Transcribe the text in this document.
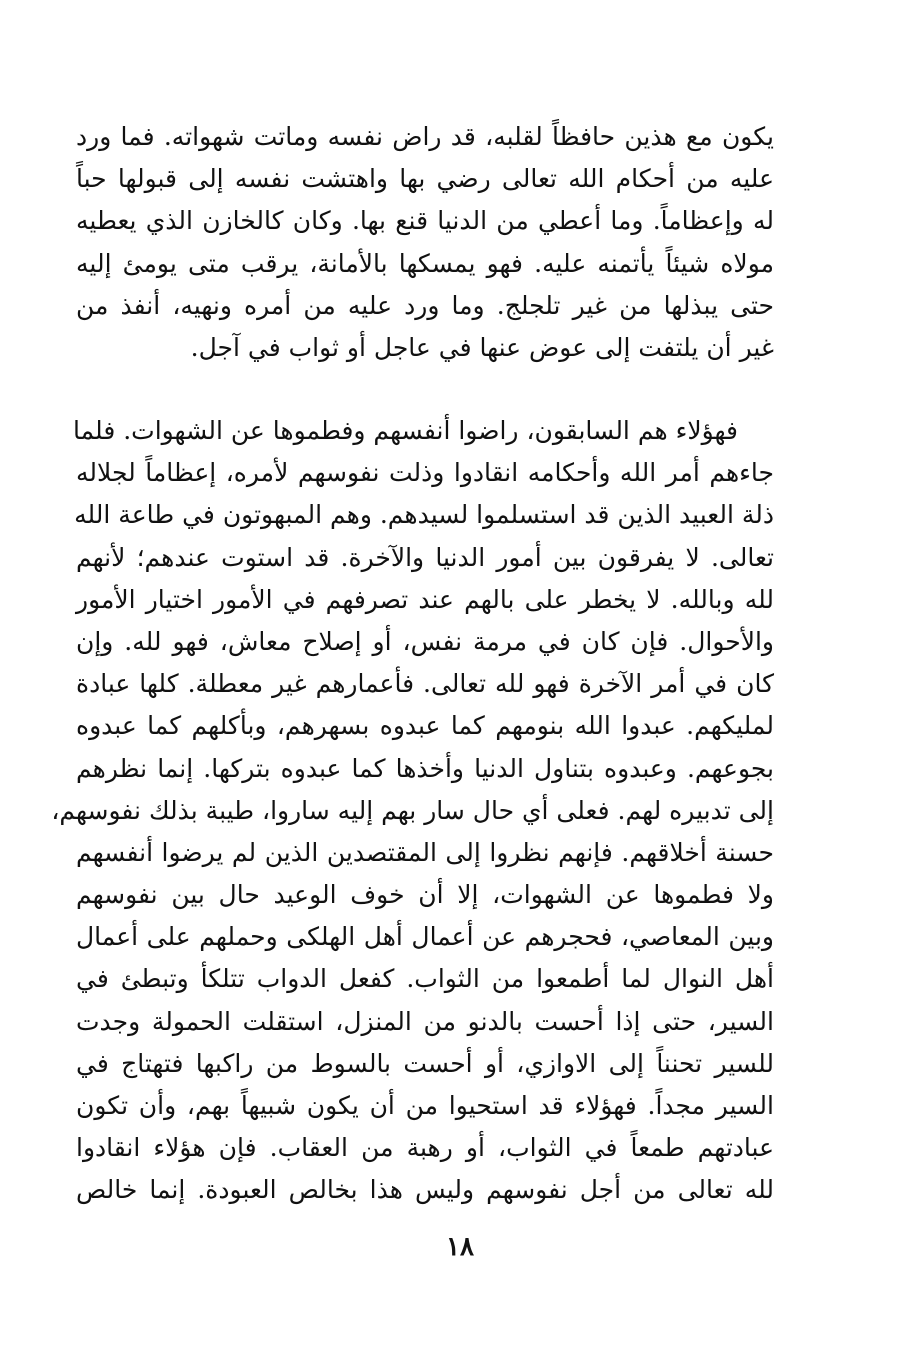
يكون مع هذين حافظاً لقلبه، قد راض نفسه وماتت شهواته. فما ورد
عليه من أحكام الله تعالى رضي بها واهتشت نفسه إلى قبولها حباً
له وإعظاماً. وما أعطي من الدنيا قنع بها. وكان كالخازن الذي يعطيه
مولاه شيئاً يأتمنه عليه. فهو يمسكها بالأمانة، يرقب متى يومئ إليه
حتى يبذلها من غير تلجلج. وما ورد عليه من أمره ونهيه، أنفذ من
غير أن يلتفت إلى عوض عنها في عاجل أو ثواب في آجل.
فهؤلاء هم السابقون، راضوا أنفسهم وفطموها عن الشهوات. فلما
جاءهم أمر الله وأحكامه انقادوا وذلت نفوسهم لأمره، إعظاماً لجلاله
ذلة العبيد الذين قد استسلموا لسيدهم. وهم المبهوتون في طاعة الله
تعالى. لا يفرقون بين أمور الدنيا والآخرة. قد استوت عندهم؛ لأنهم
لله وبالله. لا يخطر على بالهم عند تصرفهم في الأمور اختيار الأمور
والأحوال. فإن كان في مرمة نفس، أو إصلاح معاش، فهو لله. وإن
كان في أمر الآخرة فهو لله تعالى. فأعمارهم غير معطلة. كلها عبادة
لمليكهم. عبدوا الله بنومهم كما عبدوه بسهرهم، وبأكلهم كما عبدوه
بجوعهم. وعبدوه بتناول الدنيا وأخذها كما عبدوه بتركها. إنما نظرهم
إلى تدبيره لهم. فعلى أي حال سار بهم إليه ساروا، طيبة بذلك نفوسهم،
حسنة أخلاقهم. فإنهم نظروا إلى المقتصدين الذين لم يرضوا أنفسهم
ولا فطموها عن الشهوات، إلا أن خوف الوعيد حال بين نفوسهم
وبين المعاصي، فحجرهم عن أعمال أهل الهلكى وحملهم على أعمال
أهل النوال لما أطمعوا من الثواب. كفعل الدواب تتلكأ وتبطئ في
السير، حتى إذا أحست بالدنو من المنزل، استقلت الحمولة وجدت
للسير تحنناً إلى الاوازي، أو أحست بالسوط من راكبها فتهتاج في
السير مجداً. فهؤلاء قد استحيوا من أن يكون شبيهاً بهم، وأن تكون
عبادتهم طمعاً في الثواب، أو رهبة من العقاب. فإن هؤلاء انقادوا
لله تعالى من أجل نفوسهم وليس هذا بخالص العبودة. إنما خالص
١٨
